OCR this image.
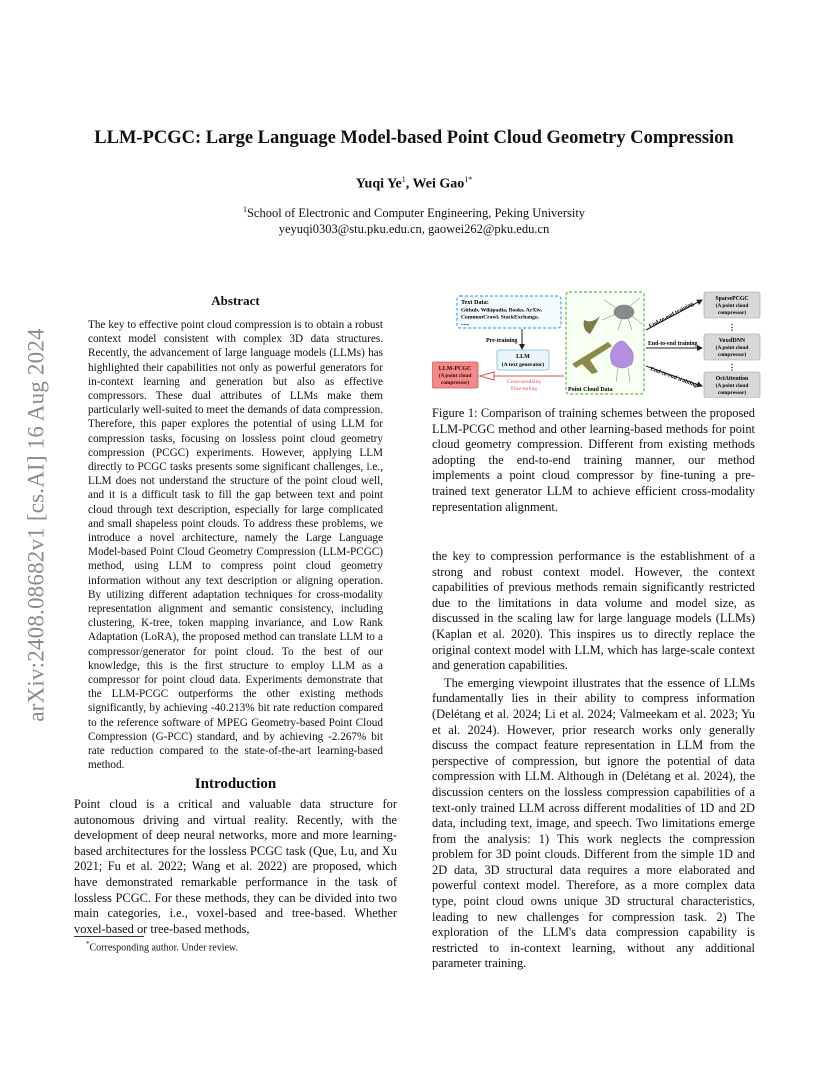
arXiv:2408.08682v1 [cs.AI] 16 Aug 2024
LLM-PCGC: Large Language Model-based Point Cloud Geometry Compression
Yuqi Ye$^1$, Wei Gao$^{1*}$
$^1$School of Electronic and Computer Engineering, Peking University
yeyuqi0303@stu.pku.edu.cn, gaowei262@pku.edu.cn
Abstract
The key to effective point cloud compression is to obtain a robust context model consistent with complex 3D data structures. Recently, the advancement of large language models (LLMs) has highlighted their capabilities not only as powerful generators for in-context learning and generation but also as effective compressors. These dual attributes of LLMs make them particularly well-suited to meet the demands of data compression. Therefore, this paper explores the potential of using LLM for compression tasks, focusing on lossless point cloud geometry compression (PCGC) experiments. However, applying LLM directly to PCGC tasks presents some significant challenges, i.e., LLM does not understand the structure of the point cloud well, and it is a difficult task to fill the gap between text and point cloud through text description, especially for large complicated and small shapeless point clouds. To address these problems, we introduce a novel architecture, namely the Large Language Model-based Point Cloud Geometry Compression (LLM-PCGC) method, using LLM to compress point cloud geometry information without any text description or aligning operation. By utilizing different adaptation techniques for cross-modality representation alignment and semantic consistency, including clustering, K-tree, token mapping invariance, and Low Rank Adaptation (LoRA), the proposed method can translate LLM to a compressor/generator for point cloud. To the best of our knowledge, this is the first structure to employ LLM as a compressor for point cloud data. Experiments demonstrate that the LLM-PCGC outperforms the other existing methods significantly, by achieving -40.213% bit rate reduction compared to the reference software of MPEG Geometry-based Point Cloud Compression (G-PCC) standard, and by achieving -2.267% bit rate reduction compared to the state-of-the-art learning-based method.
Introduction
Point cloud is a critical and valuable data structure for autonomous driving and virtual reality. Recently, with the development of deep neural networks, more and more learning-based architectures for the lossless PCGC task (Que, Lu, and Xu 2021; Fu et al. 2022; Wang et al. 2022) are proposed, which have demonstrated remarkable performance in the task of lossless PCGC. For these methods, they can be divided into two main categories, i.e., voxel-based and tree-based. Whether voxel-based or tree-based methods,
*Corresponding author. Under review.
Text Data:
Github, Wikipadia, Books, ArXiv,
CommonCrawl, StackExchange,
......
Pre-training
LLM
(A text generator)
LLM-PCGC
(A point cloud
compressor)	Cross-modality
Fine-tuning	Point Cloud Data
End-to-end training
End-to-end training
End-to-end training
SparsePCGC
(A point cloud
compressor)
⋮
VoxelDNN
(A point cloud
compressor)
⋮
OctAttention
(A point cloud
compressor)
Figure 1: Comparison of training schemes between the proposed LLM-PCGC method and other learning-based methods for point cloud geometry compression. Different from existing methods adopting the end-to-end training manner, our method implements a point cloud compressor by fine-tuning a pre-trained text generator LLM to achieve efficient cross-modality representation alignment.

the key to compression performance is the establishment of a strong and robust context model. However, the context capabilities of previous methods remain significantly restricted due to the limitations in data volume and model size, as discussed in the scaling law for large language models (LLMs) (Kaplan et al. 2020). This inspires us to directly replace the original context model with LLM, which has large-scale context and generation capabilities.

The emerging viewpoint illustrates that the essence of LLMs fundamentally lies in their ability to compress information (Delétang et al. 2024; Li et al. 2024; Valmeekam et al. 2023; Yu et al. 2024). However, prior research works only generally discuss the compact feature representation in LLM from the perspective of compression, but ignore the potential of data compression with LLM. Although in (Delétang et al. 2024), the discussion centers on the lossless compression capabilities of a text-only trained LLM across different modalities of 1D and 2D data, including text, image, and speech. Two limitations emerge from the analysis: 1) This work neglects the compression problem for 3D point clouds. Different from the simple 1D and 2D data, 3D structural data requires a more elaborated and powerful context model. Therefore, as a more complex data type, point cloud owns unique 3D structural characteristics, leading to new challenges for compression task. 2) The exploration of the LLM's data compression capability is restricted to in-context learning, without any additional parameter training.
